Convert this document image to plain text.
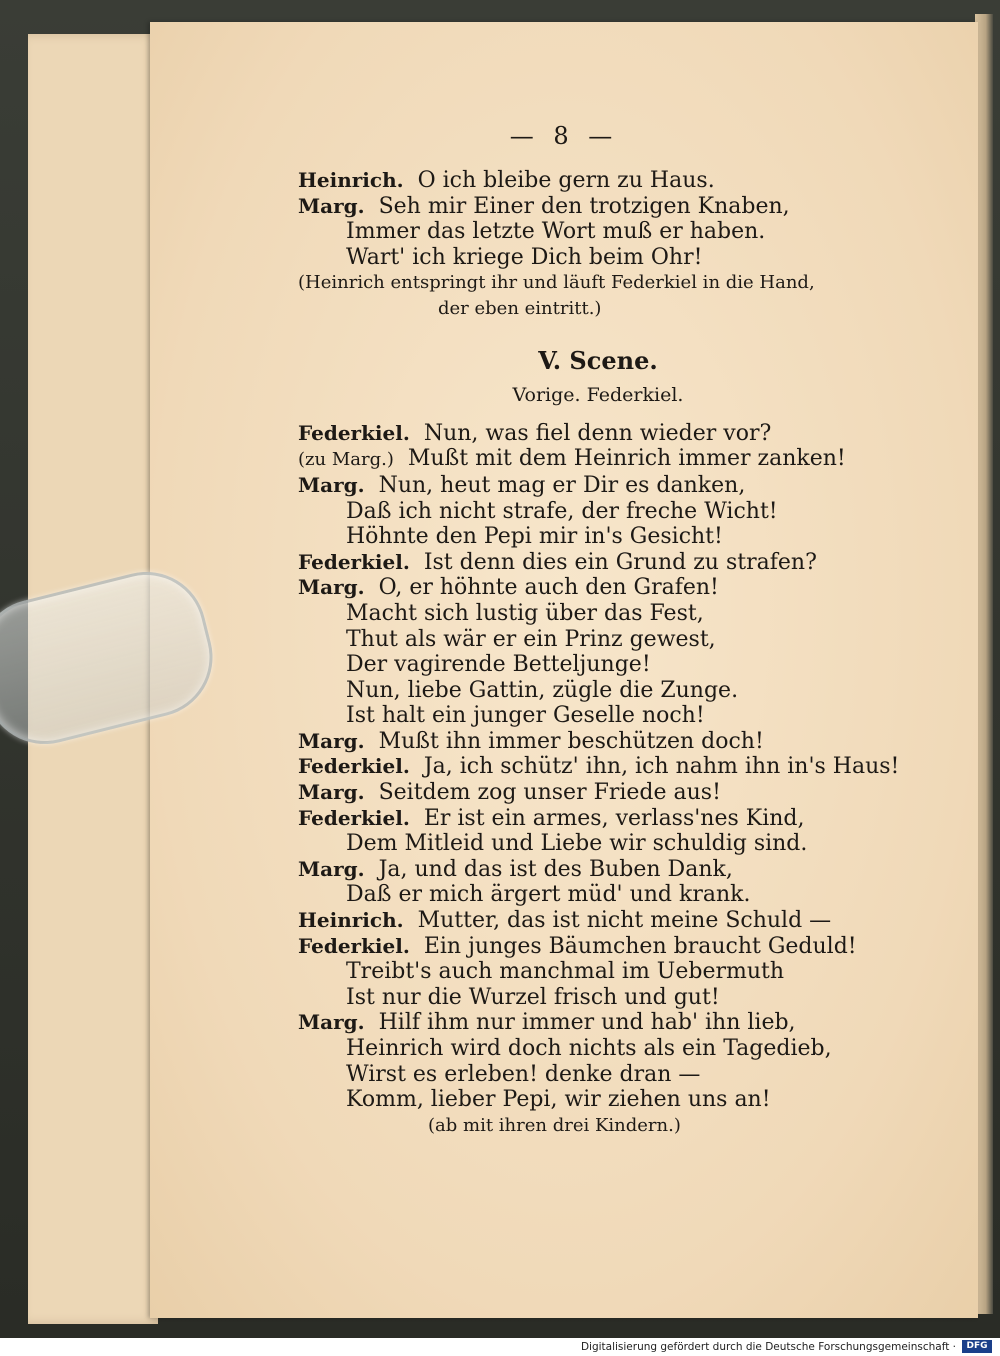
— 8 —
Heinrich. O ich bleibe gern zu Haus.
Marg. Seh mir Einer den trotzigen Knaben,
Immer das letzte Wort muß er haben.
Wart' ich kriege Dich beim Ohr!
(Heinrich entspringt ihr und läuft Federkiel in die Hand,
der eben eintritt.)
V. Scene.
Vorige. Federkiel.
Federkiel. Nun, was fiel denn wieder vor?
(zu Marg.) Mußt mit dem Heinrich immer zanken!
Marg. Nun, heut mag er Dir es danken,
Daß ich nicht strafe, der freche Wicht!
Höhnte den Pepi mir in's Gesicht!
Federkiel. Ist denn dies ein Grund zu strafen?
Marg. O, er höhnte auch den Grafen!
Macht sich lustig über das Fest,
Thut als wär er ein Prinz gewest,
Der vagirende Betteljunge!
Nun, liebe Gattin, zügle die Zunge.
Ist halt ein junger Geselle noch!
Marg. Mußt ihn immer beschützen doch!
Federkiel. Ja, ich schütz' ihn, ich nahm ihn in's Haus!
Marg. Seitdem zog unser Friede aus!
Federkiel. Er ist ein armes, verlass'nes Kind,
Dem Mitleid und Liebe wir schuldig sind.
Marg. Ja, und das ist des Buben Dank,
Daß er mich ärgert müd' und krank.
Heinrich. Mutter, das ist nicht meine Schuld —
Federkiel. Ein junges Bäumchen braucht Geduld!
Treibt's auch manchmal im Uebermuth
Ist nur die Wurzel frisch und gut!
Marg. Hilf ihm nur immer und hab' ihn lieb,
Heinrich wird doch nichts als ein Tagedieb,
Wirst es erleben! denke dran —
Komm, lieber Pepi, wir ziehen uns an!
(ab mit ihren drei Kindern.)
Digitalisierung gefördert durch die Deutsche Forschungsgemeinschaft ·	DFG
